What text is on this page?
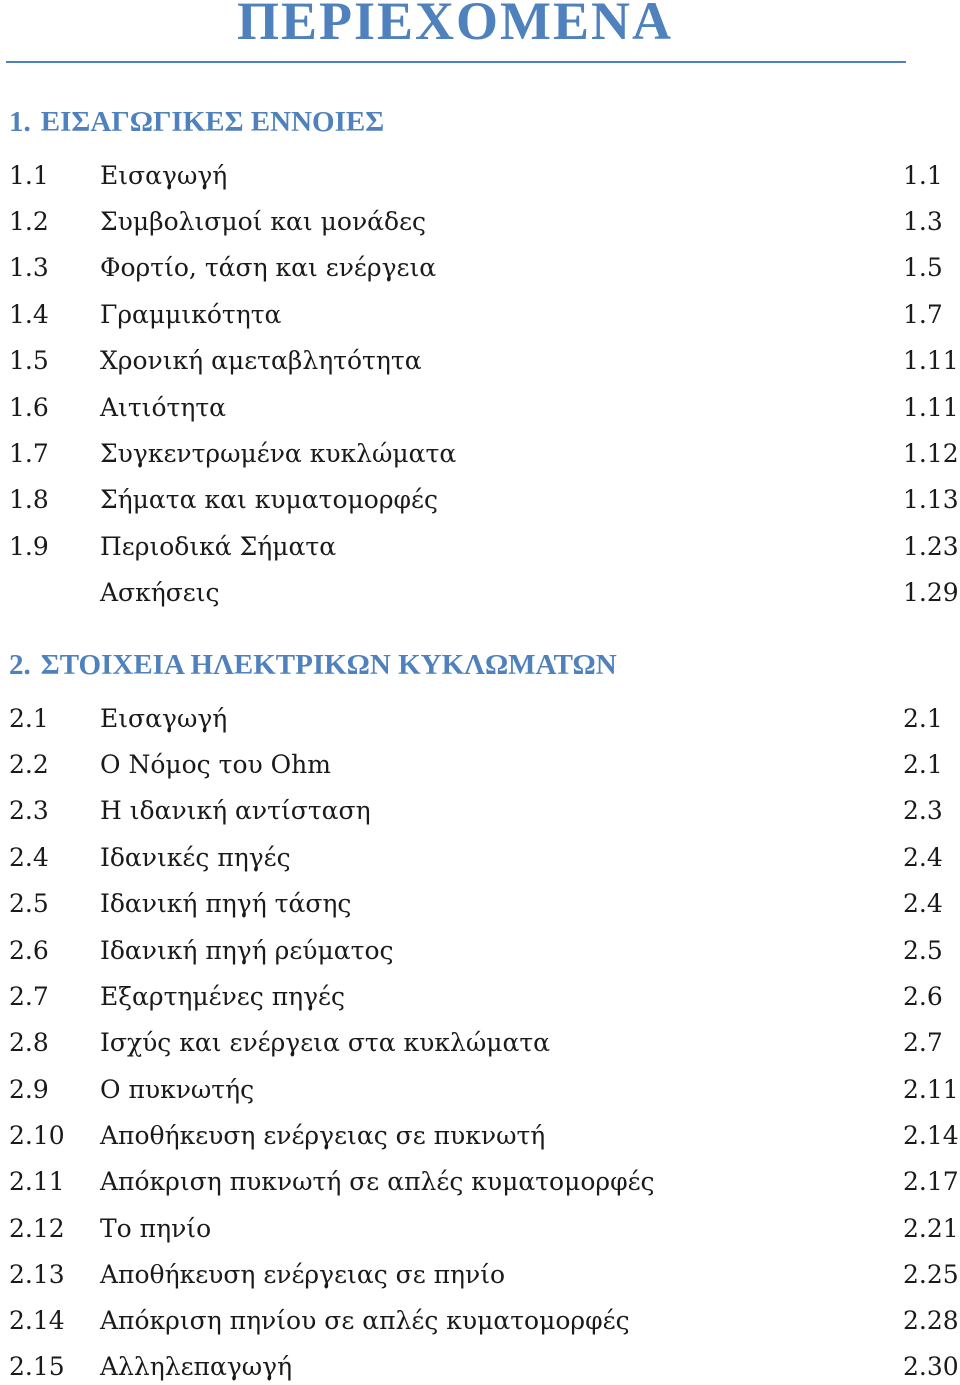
ΠΕΡΙΕΧΟΜΕΝΑ
1. ΕΙΣΑΓΩΓΙΚΕΣ ΕΝΝΟΙΕΣ
1.1 Εισαγωγή	1.1
1.2 Συμβολισμοί και μονάδες	1.3
1.3 Φορτίο, τάση και ενέργεια	1.5
1.4 Γραμμικότητα	1.7
1.5 Χρονική αμεταβλητότητα	1.11
1.6 Αιτιότητα	1.11
1.7 Συγκεντρωμένα κυκλώματα	1.12
1.8 Σήματα και κυματομορφές	1.13
1.9 Περιοδικά Σήματα	1.23
Ασκήσεις	1.29
2. ΣΤΟΙΧΕΙΑ ΗΛΕΚΤΡΙΚΩΝ ΚΥΚΛΩΜΑΤΩΝ
2.1 Εισαγωγή	2.1
2.2 Ο Νόμος του Ohm	2.1
2.3 Η ιδανική αντίσταση	2.3
2.4 Ιδανικές πηγές	2.4
2.5 Ιδανική πηγή τάσης	2.4
2.6 Ιδανική πηγή ρεύματος	2.5
2.7 Εξαρτημένες πηγές	2.6
2.8 Ισχύς και ενέργεια στα κυκλώματα	2.7
2.9 Ο πυκνωτής	2.11
2.10 Αποθήκευση ενέργειας σε πυκνωτή	2.14
2.11 Απόκριση πυκνωτή σε απλές κυματομορφές	2.17
2.12 Το πηνίο	2.21
2.13 Αποθήκευση ενέργειας σε πηνίο	2.25
2.14 Απόκριση πηνίου σε απλές κυματομορφές	2.28
2.15 Αλληλεπαγωγή	2.30
